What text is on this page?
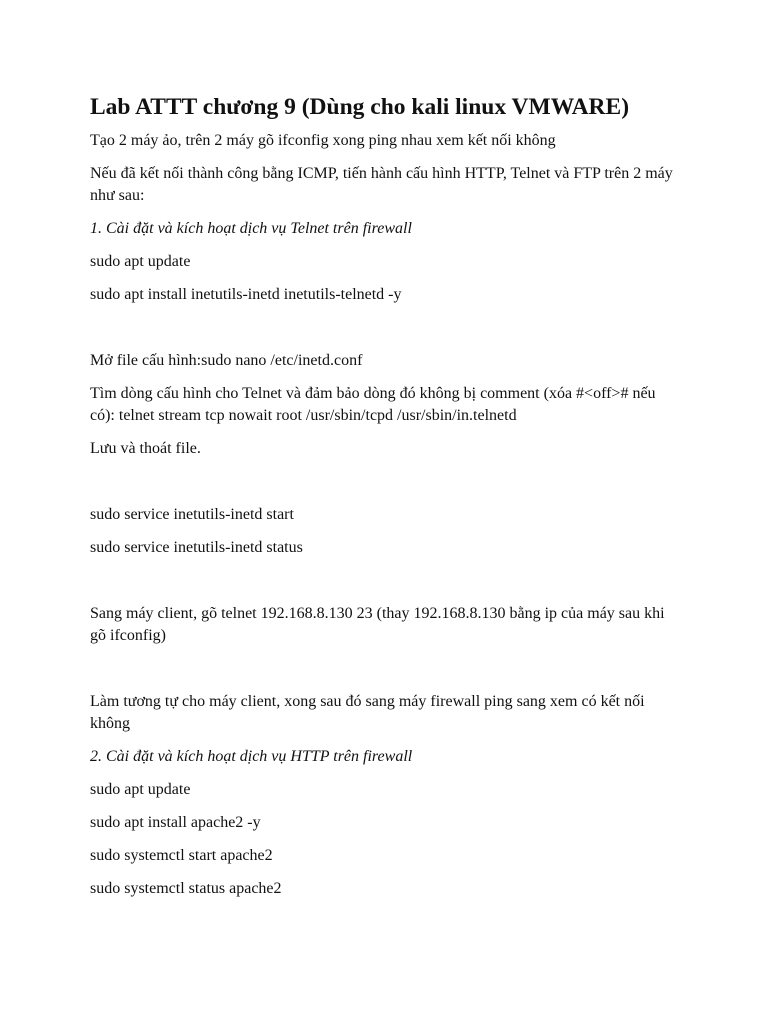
Lab ATTT chương 9 (Dùng cho kali linux VMWARE)

Tạo 2 máy ảo, trên 2 máy gõ ifconfig xong ping nhau xem kết nối không

Nếu đã kết nối thành công bằng ICMP, tiến hành cấu hình HTTP, Telnet và FTP trên 2 máy như sau:

1. Cài đặt và kích hoạt dịch vụ Telnet trên firewall

sudo apt update

sudo apt install inetutils-inetd inetutils-telnetd -y

Mở file cấu hình:sudo nano /etc/inetd.conf

Tìm dòng cấu hình cho Telnet và đảm bảo dòng đó không bị comment (xóa #<off># nếu có): telnet stream tcp nowait root /usr/sbin/tcpd /usr/sbin/in.telnetd

Lưu và thoát file.

sudo service inetutils-inetd start

sudo service inetutils-inetd status

Sang máy client, gõ telnet 192.168.8.130 23 (thay 192.168.8.130 bằng ip của máy sau khi gõ ifconfig)

Làm tương tự cho máy client, xong sau đó sang máy firewall ping sang xem có kết nối không

2. Cài đặt và kích hoạt dịch vụ HTTP trên firewall

sudo apt update

sudo apt install apache2 -y

sudo systemctl start apache2

sudo systemctl status apache2
